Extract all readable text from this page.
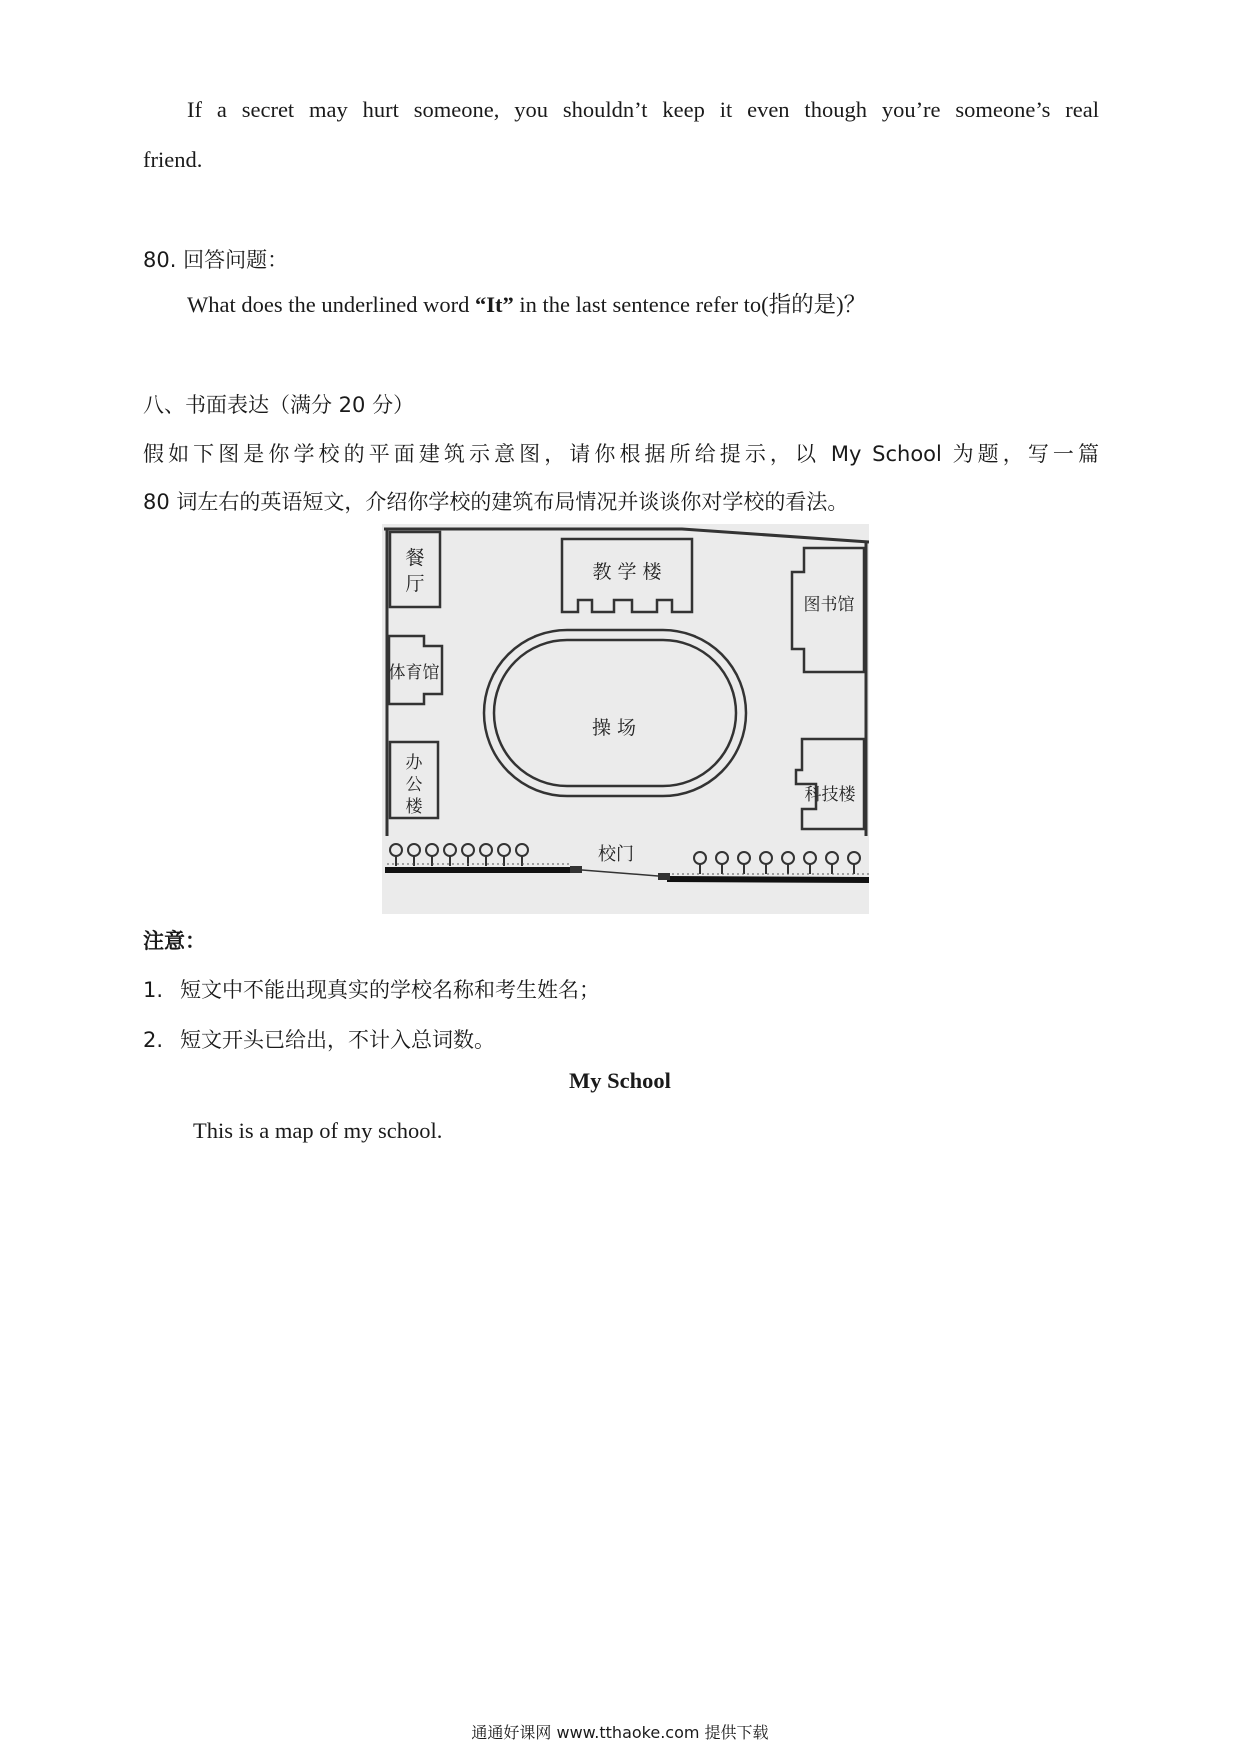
If a secret may hurt someone, you shouldn’t keep it even though you’re someone’s real
friend.
80. 回答问题：
What does the underlined word “It” in the last sentence refer to(指的是)？
八、书面表达（满分 20 分）
假如下图是你学校的平面建筑示意图，请你根据所给提示，以 My School 为题，写一篇
80 词左右的英语短文，介绍你学校的建筑布局情况并谈谈你对学校的看法。
餐
厅
教 学 楼
图书馆
体育馆
操 场
办
公
楼
科技楼
校门
注意：
1. 短文中不能出现真实的学校名称和考生姓名；
2. 短文开头已给出，不计入总词数。
My School
This is a map of my school.
通通好课网 www.tthaoke.com 提供下载
